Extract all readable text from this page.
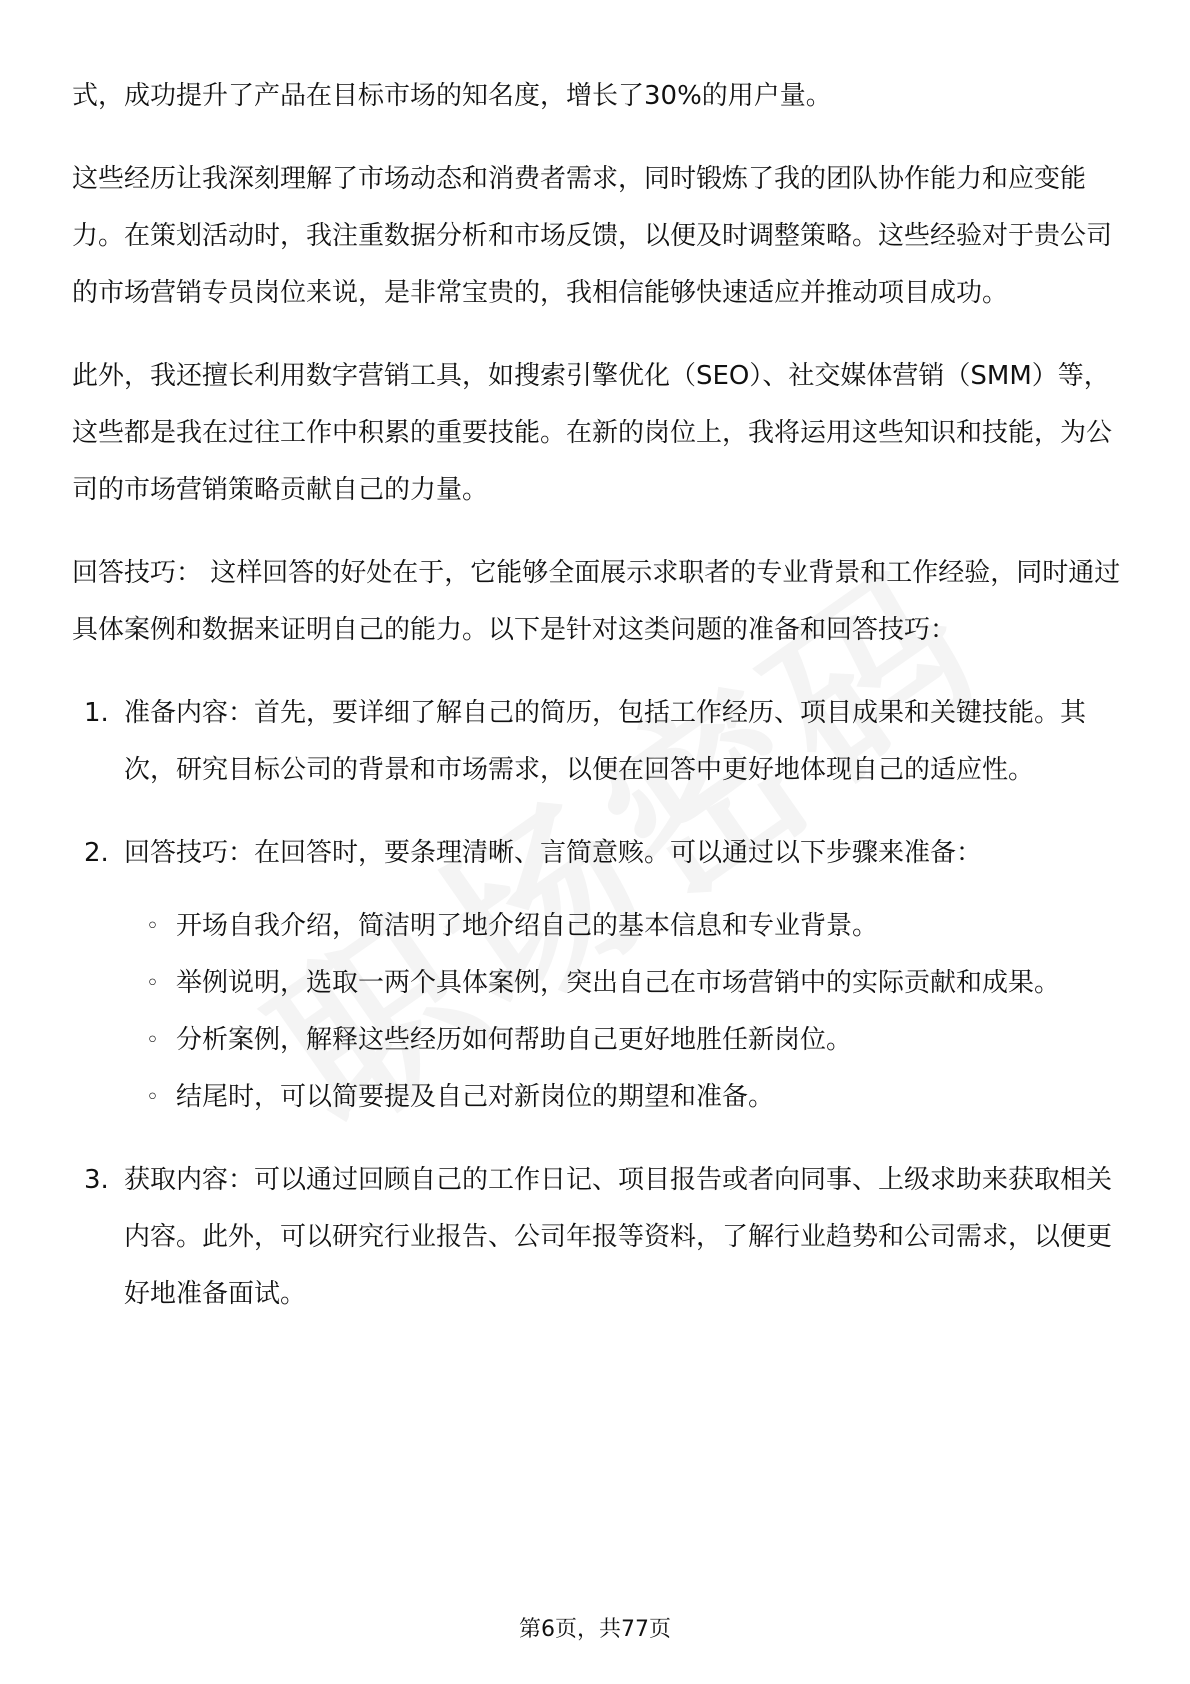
式，成功提升了产品在目标市场的知名度，增长了30%的用户量。

这些经历让我深刻理解了市场动态和消费者需求，同时锻炼了我的团队协作能力和应变能力。在策划活动时，我注重数据分析和市场反馈，以便及时调整策略。这些经验对于贵公司的市场营销专员岗位来说，是非常宝贵的，我相信能够快速适应并推动项目成功。

此外，我还擅长利用数字营销工具，如搜索引擎优化（SEO）、社交媒体营销（SMM）等，这些都是我在过往工作中积累的重要技能。在新的岗位上，我将运用这些知识和技能，为公司的市场营销策略贡献自己的力量。

回答技巧： 这样回答的好处在于，它能够全面展示求职者的专业背景和工作经验，同时通过具体案例和数据来证明自己的能力。以下是针对这类问题的准备和回答技巧：

1. 准备内容：首先，要详细了解自己的简历，包括工作经历、项目成果和关键技能。其次，研究目标公司的背景和市场需求，以便在回答中更好地体现自己的适应性。
2. 回答技巧：在回答时，要条理清晰、言简意赅。可以通过以下步骤来准备：
◦ 开场自我介绍，简洁明了地介绍自己的基本信息和专业背景。
◦ 举例说明，选取一两个具体案例，突出自己在市场营销中的实际贡献和成果。
◦ 分析案例，解释这些经历如何帮助自己更好地胜任新岗位。
◦ 结尾时，可以简要提及自己对新岗位的期望和准备。
3. 获取内容：可以通过回顾自己的工作日记、项目报告或者向同事、上级求助来获取相关内容。此外，可以研究行业报告、公司年报等资料，了解行业趋势和公司需求，以便更好地准备面试。
第6页，共77页
